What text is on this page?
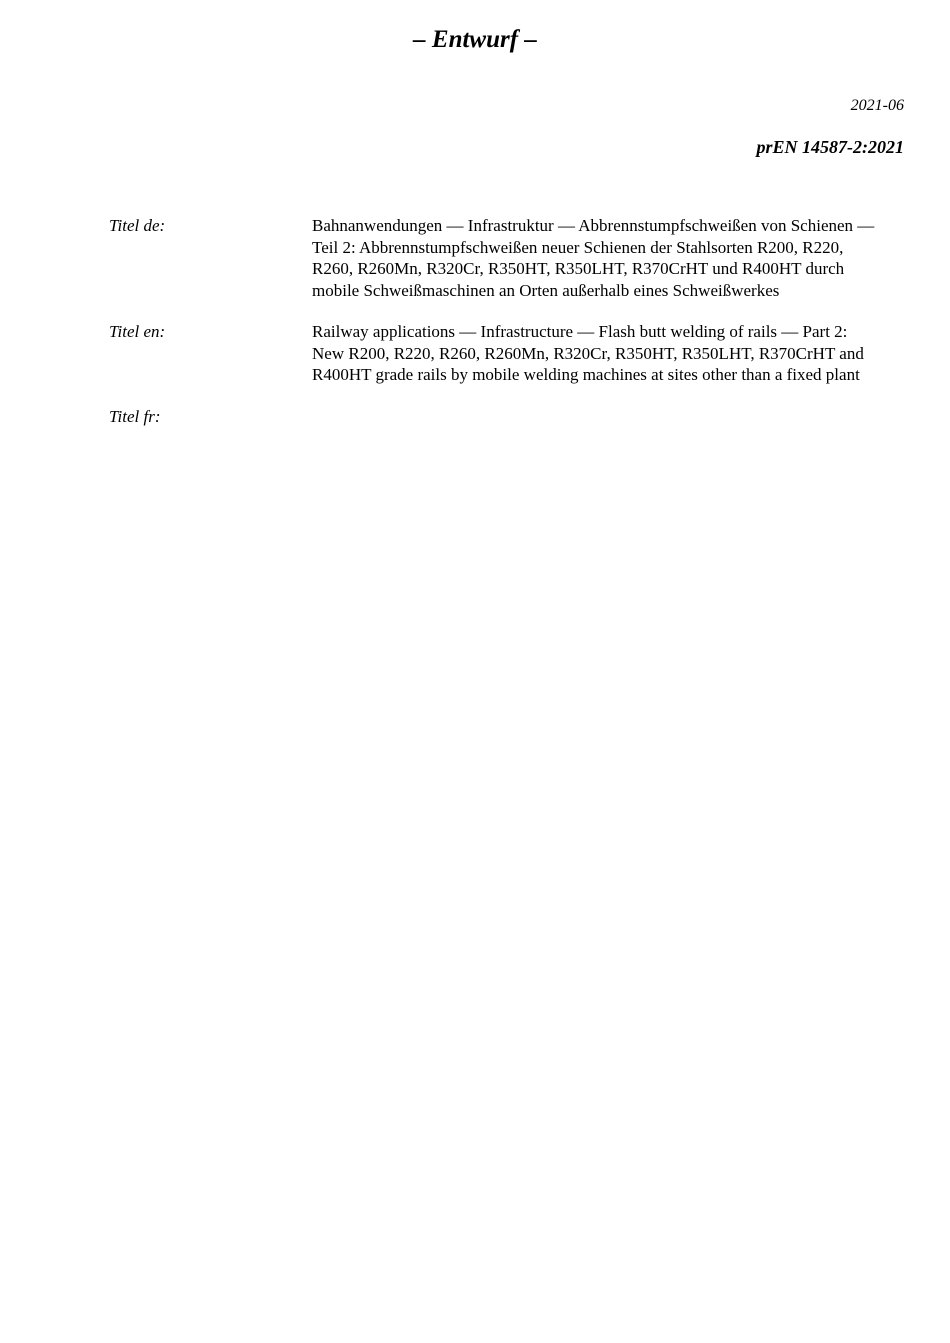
– Entwurf –
2021-06
prEN 14587-2:2021
Titel de:	Bahnanwendungen — Infrastruktur — Abbrennstumpfschweißen von Schienen — Teil 2: Abbrennstumpfschweißen neuer Schienen der Stahlsorten R200, R220, R260, R260Mn, R320Cr, R350HT, R350LHT, R370CrHT und R400HT durch mobile Schweißmaschinen an Orten außerhalb eines Schweißwerkes
Titel en:	Railway applications — Infrastructure — Flash butt welding of rails — Part 2: New R200, R220, R260, R260Mn, R320Cr, R350HT, R350LHT, R370CrHT and R400HT grade rails by mobile welding machines at sites other than a fixed plant
Titel fr:
